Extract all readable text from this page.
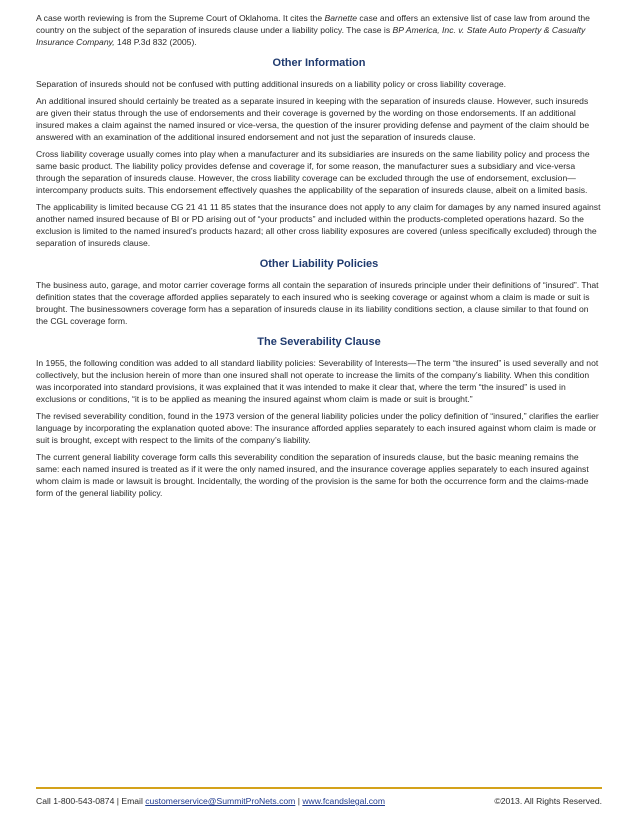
A case worth reviewing is from the Supreme Court of Oklahoma. It cites the Barnette case and offers an extensive list of case law from around the country on the subject of the separation of insureds clause under a liability policy. The case is BP America, Inc. v. State Auto Property & Casualty Insurance Company, 148 P.3d 832 (2005).

Other Information

Separation of insureds should not be confused with putting additional insureds on a liability policy or cross liability coverage.

An additional insured should certainly be treated as a separate insured in keeping with the separation of insureds clause. However, such insureds are given their status through the use of endorsements and their coverage is governed by the wording on those endorsements. If an additional insured makes a claim against the named insured or vice-versa, the question of the insurer providing defense and payment of the claim should be answered with an examination of the additional insured endorsement and not just the separation of insureds clause.

Cross liability coverage usually comes into play when a manufacturer and its subsidiaries are insureds on the same liability policy and process the same basic product. The liability policy provides defense and coverage if, for some reason, the manufacturer sues a subsidiary and vice-versa through the separation of insureds clause. However, the cross liability coverage can be excluded through the use of endorsement, exclusion—intercompany products suits. This endorsement effectively quashes the applicability of the separation of insureds clause, albeit on a limited basis.

The applicability is limited because CG 21 41 11 85 states that the insurance does not apply to any claim for damages by any named insured against another named insured because of BI or PD arising out of “your products” and included within the products-completed operations hazard. So the exclusion is limited to the named insured’s products hazard; all other cross liability exposures are covered (unless specifically excluded) through the separation of insureds clause.

Other Liability Policies

The business auto, garage, and motor carrier coverage forms all contain the separation of insureds principle under their definitions of “insured”. That definition states that the coverage afforded applies separately to each insured who is seeking coverage or against whom a claim is made or suit is brought. The businessowners coverage form has a separation of insureds clause in its liability conditions section, a clause similar to that found on the CGL coverage form.

The Severability Clause

In 1955, the following condition was added to all standard liability policies: Severability of Interests—The term “the insured” is used severally and not collectively, but the inclusion herein of more than one insured shall not operate to increase the limits of the company’s liability. When this condition was incorporated into standard provisions, it was explained that it was intended to make it clear that, where the term “the insured” is used in exclusions or conditions, “it is to be applied as meaning the insured against whom claim is made or suit is brought.”

The revised severability condition, found in the 1973 version of the general liability policies under the policy definition of “insured,” clarifies the earlier language by incorporating the explanation quoted above: The insurance afforded applies separately to each insured against whom claim is made or suit is brought, except with respect to the limits of the company’s liability.

The current general liability coverage form calls this severability condition the separation of insureds clause, but the basic meaning remains the same: each named insured is treated as if it were the only named insured, and the insurance coverage applies separately to each insured against whom claim is made or lawsuit is brought. Incidentally, the wording of the provision is the same for both the occurrence form and the claims-made form of the general liability policy.

Call 1-800-543-0874 | Email customerservice@SummitProNets.com | www.fcandslegal.com	©2013. All Rights Reserved.
